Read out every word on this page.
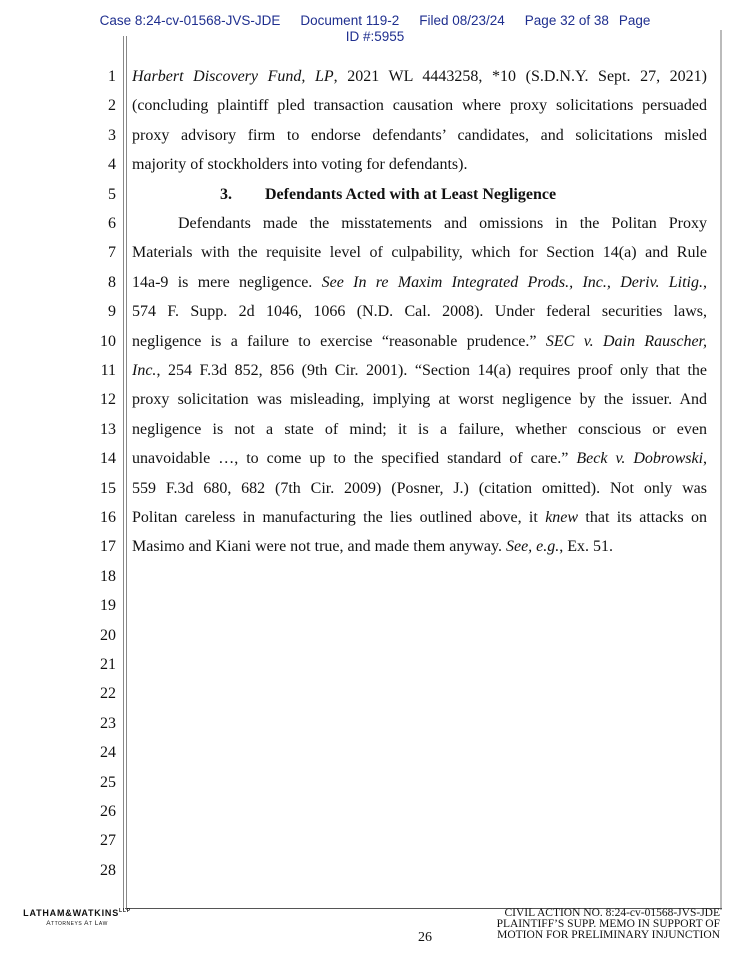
Case 8:24-cv-01568-JVS-JDE Document 119-2 Filed 08/23/24 Page 32 of 38 Page
ID #:5955
1 Harbert Discovery Fund, LP, 2021 WL 4443258, *10 (S.D.N.Y. Sept. 27, 2021)
2 (concluding plaintiff pled transaction causation where proxy solicitations persuaded
3 proxy advisory firm to endorse defendants’ candidates, and solicitations misled
4 majority of stockholders into voting for defendants).
5	3. Defendants Acted with at Least Negligence
6	Defendants made the misstatements and omissions in the Politan Proxy
7 Materials with the requisite level of culpability, which for Section 14(a) and Rule
8 14a-9 is mere negligence. See In re Maxim Integrated Prods., Inc., Deriv. Litig.,
9 574 F. Supp. 2d 1046, 1066 (N.D. Cal. 2008). Under federal securities laws,
10 negligence is a failure to exercise “reasonable prudence.” SEC v. Dain Rauscher,
11 Inc., 254 F.3d 852, 856 (9th Cir. 2001). “Section 14(a) requires proof only that the
12 proxy solicitation was misleading, implying at worst negligence by the issuer. And
13 negligence is not a state of mind; it is a failure, whether conscious or even
14 unavoidable …, to come up to the specified standard of care.” Beck v. Dobrowski,
15 559 F.3d 680, 682 (7th Cir. 2009) (Posner, J.) (citation omitted). Not only was
16 Politan careless in manufacturing the lies outlined above, it knew that its attacks on
17 Masimo and Kiani were not true, and made them anyway. See, e.g., Ex. 51.
18
19
20
21
22
23
24
25
26
27
28
$LATHAM\&WATKINS^{LLP}$
Attorneys At Law
26
CIVIL ACTION NO. 8:24-cv-01568-JVS-JDE
PLAINTIFF’S SUPP. MEMO IN SUPPORT OF
MOTION FOR PRELIMINARY INJUNCTION
